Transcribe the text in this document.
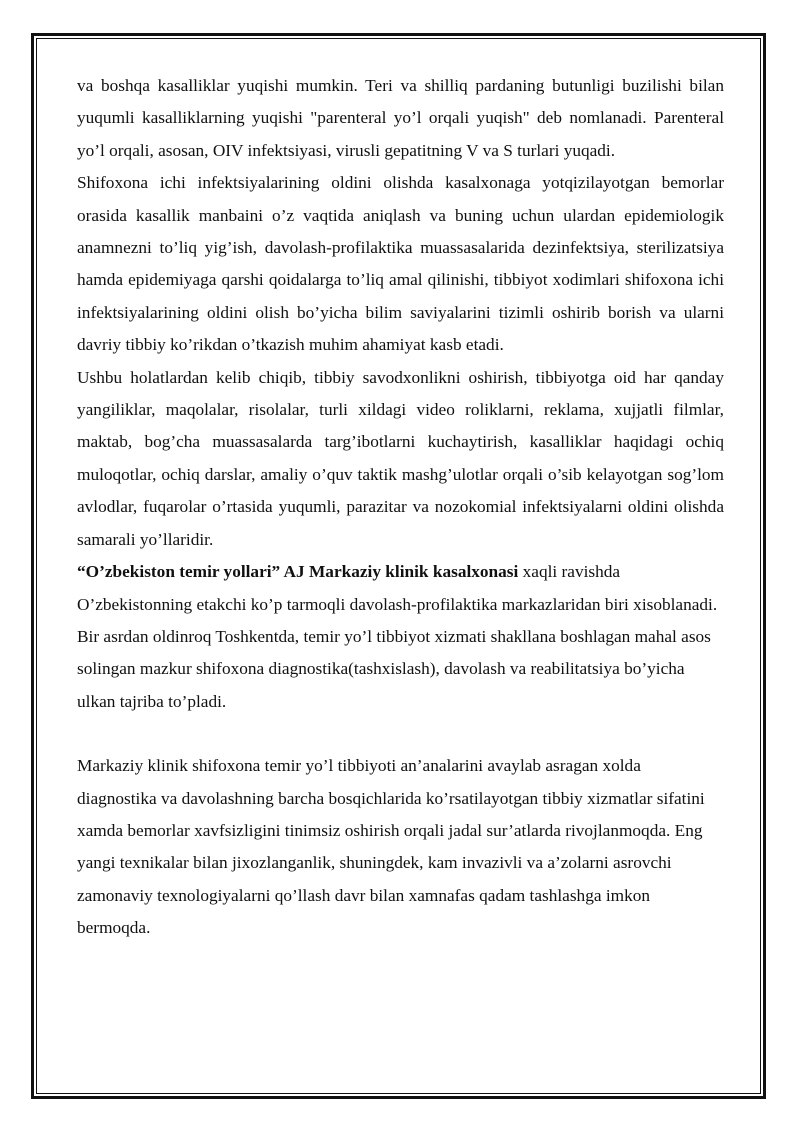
va boshqa kasalliklar yuqishi mumkin. Teri va shilliq pardaning butunligi buzilishi bilan yuqumli kasalliklarning yuqishi "parenteral yo’l orqali yuqish" deb nomlanadi. Parenteral yo’l orqali, asosan, OIV infektsiyasi, virusli gepatitning V va S turlari yuqadi.

Shifoxona ichi infektsiyalarining oldini olishda kasalxonaga yotqizilayotgan bemorlar orasida kasallik manbaini o’z vaqtida aniqlash va buning uchun ulardan epidemiologik anamnezni to’liq yig’ish, davolash-profilaktika muassasalarida dezinfektsiya, sterilizatsiya hamda epidemiyaga qarshi qoidalarga to’liq amal qilinishi, tibbiyot xodimlari shifoxona ichi infektsiyalarining oldini olish bo’yicha bilim saviyalarini tizimli oshirib borish va ularni davriy tibbiy ko’rikdan o’tkazish muhim ahamiyat kasb etadi.

Ushbu holatlardan kelib chiqib, tibbiy savodxonlikni oshirish, tibbiyotga oid har qanday yangiliklar, maqolalar, risolalar, turli xildagi video roliklarni, reklama, xujjatli filmlar, maktab, bog’cha muassasalarda targ’ibotlarni kuchaytirish, kasalliklar haqidagi ochiq muloqotlar, ochiq darslar, amaliy o’quv taktik mashg’ulotlar orqali o’sib kelayotgan sog’lom avlodlar, fuqarolar o’rtasida yuqumli, parazitar va nozokomial infektsiyalarni oldini olishda samarali yo’llaridir.

“O’zbekiston temir yollari” AJ Markaziy klinik kasalxonasi xaqli ravishda O’zbekistonning etakchi ko’p tarmoqli davolash-profilaktika markazlaridan biri xisoblanadi. Bir asrdan oldinroq Toshkentda, temir yo’l tibbiyot xizmati shakllana boshlagan mahal asos solingan mazkur shifoxona diagnostika(tashxislash), davolash va reabilitatsiya bo’yicha ulkan tajriba to’pladi.

Markaziy klinik shifoxona temir yo’l tibbiyoti an’analarini avaylab asragan xolda diagnostika va davolashning barcha bosqichlarida ko’rsatilayotgan tibbiy xizmatlar sifatini xamda bemorlar xavfsizligini tinimsiz oshirish orqali jadal sur’atlarda rivojlanmoqda. Eng yangi texnikalar bilan jixozlanganlik, shuningdek, kam invazivli va a’zolarni asrovchi zamonaviy texnologiyalarni qo’llash davr bilan xamnafas qadam tashlashga imkon bermoqda.
